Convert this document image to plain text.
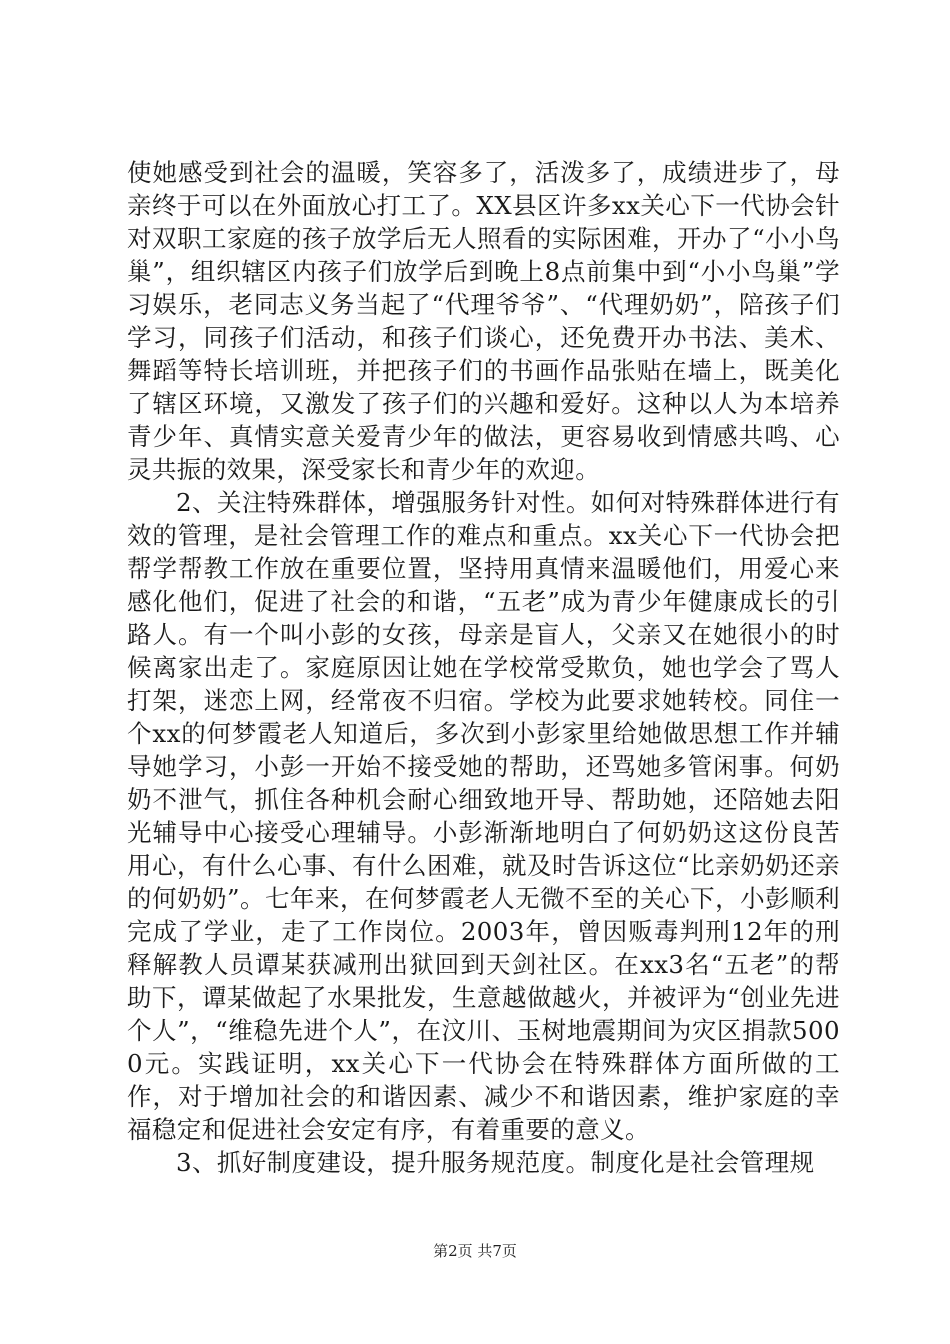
使她感受到社会的温暖，笑容多了，活泼多了，成绩进步了，母亲终于可以在外面放心打工了。XX县区许多xx关心下一代协会针对双职工家庭的孩子放学后无人照看的实际困难，开办了“小小鸟巢”，组织辖区内孩子们放学后到晚上8点前集中到“小小鸟巢”学习娱乐，老同志义务当起了“代理爷爷”、“代理奶奶”，陪孩子们学习，同孩子们活动，和孩子们谈心，还免费开办书法、美术、舞蹈等特长培训班，并把孩子们的书画作品张贴在墙上，既美化了辖区环境，又激发了孩子们的兴趣和爱好。这种以人为本培养青少年、真情实意关爱青少年的做法，更容易收到情感共鸣、心灵共振的效果，深受家长和青少年的欢迎。

2、关注特殊群体，增强服务针对性。如何对特殊群体进行有效的管理，是社会管理工作的难点和重点。xx关心下一代协会把帮学帮教工作放在重要位置，坚持用真情来温暖他们，用爱心来感化他们，促进了社会的和谐，“五老”成为青少年健康成长的引路人。有一个叫小彭的女孩，母亲是盲人，父亲又在她很小的时候离家出走了。家庭原因让她在学校常受欺负，她也学会了骂人打架，迷恋上网，经常夜不归宿。学校为此要求她转校。同住一个xx的何梦霞老人知道后，多次到小彭家里给她做思想工作并辅导她学习，小彭一开始不接受她的帮助，还骂她多管闲事。何奶奶不泄气，抓住各种机会耐心细致地开导、帮助她，还陪她去阳光辅导中心接受心理辅导。小彭渐渐地明白了何奶奶这这份良苦用心，有什么心事、有什么困难，就及时告诉这位“比亲奶奶还亲的何奶奶”。七年来，在何梦霞老人无微不至的关心下，小彭顺利完成了学业，走了工作岗位。2003年，曾因贩毒判刑12年的刑释解教人员谭某获减刑出狱回到天剑社区。在xx3名“五老”的帮助下，谭某做起了水果批发，生意越做越火，并被评为“创业先进个人”，“维稳先进个人”，在汶川、玉树地震期间为灾区捐款5000元。实践证明，xx关心下一代协会在特殊群体方面所做的工作，对于增加社会的和谐因素、减少不和谐因素，维护家庭的幸福稳定和促进社会安定有序，有着重要的意义。

3、抓好制度建设，提升服务规范度。制度化是社会管理规

第2页 共7页
